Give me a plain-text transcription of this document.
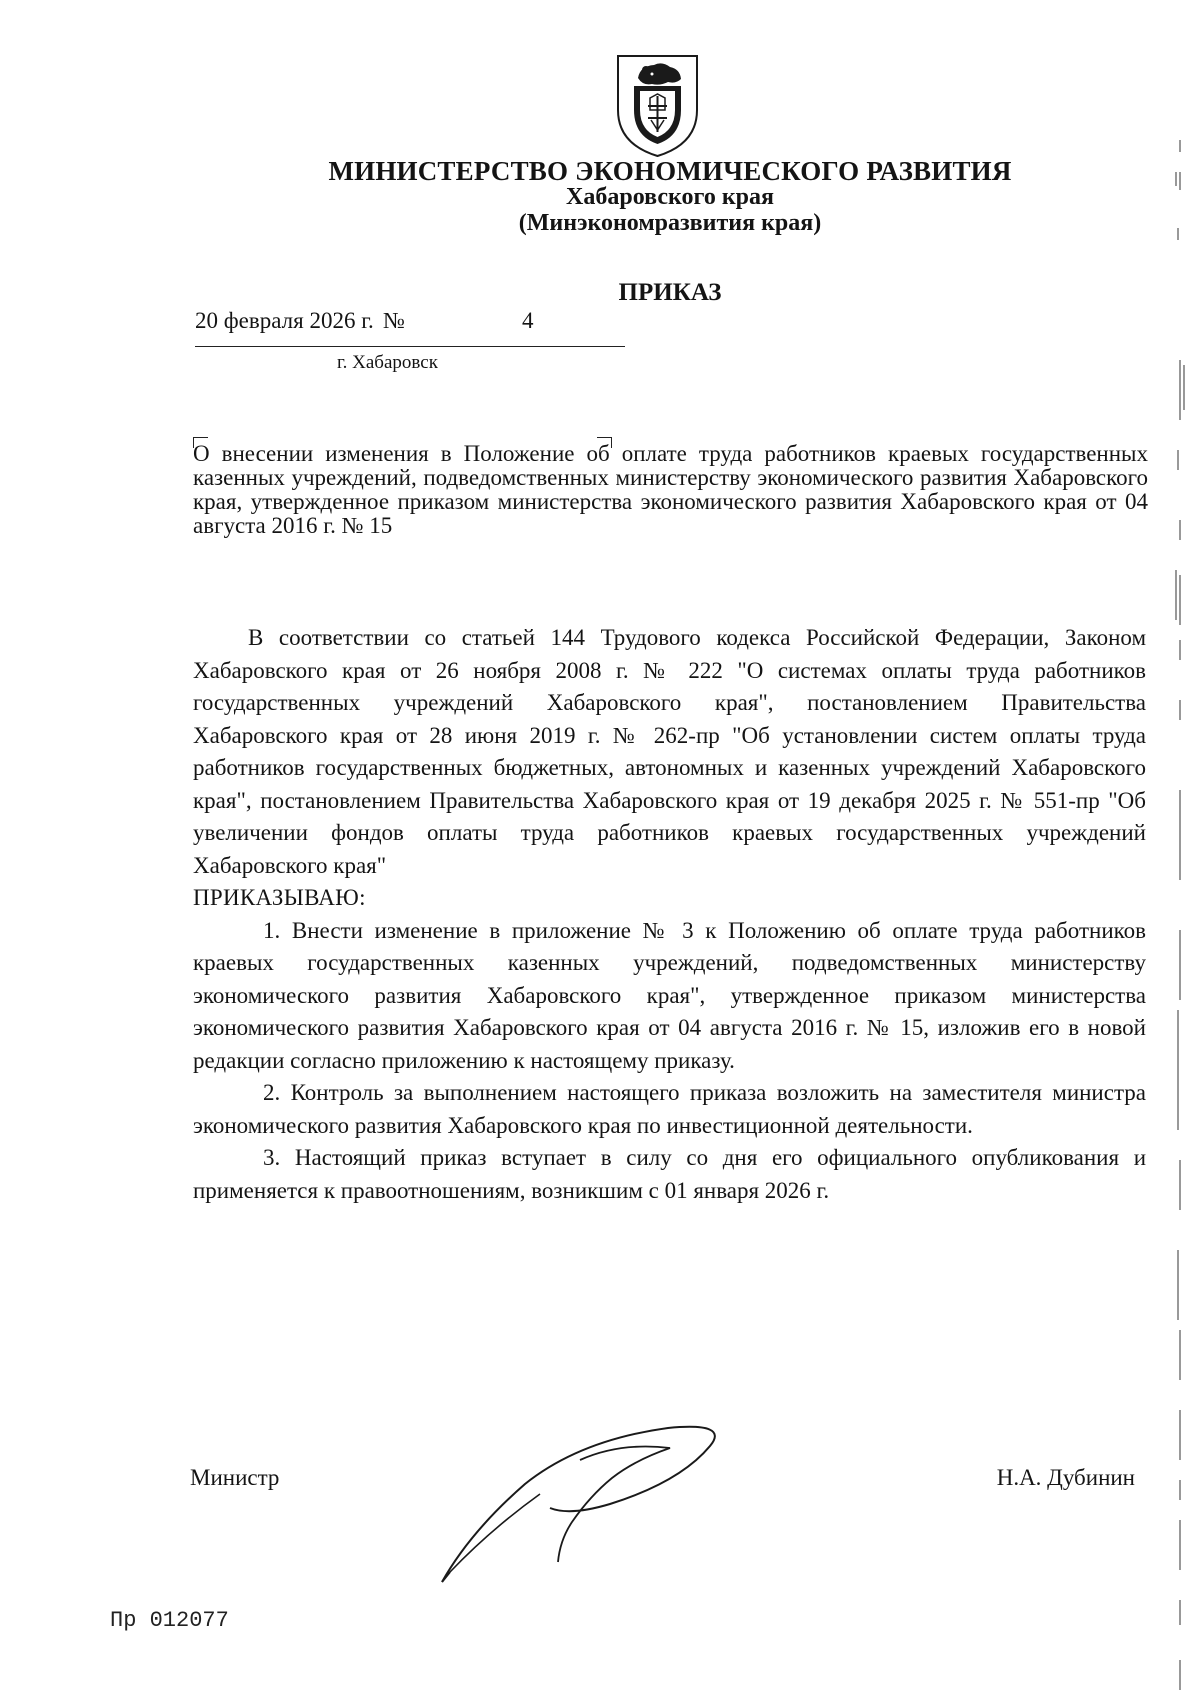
МИНИСТЕРСТВО ЭКОНОМИЧЕСКОГО РАЗВИТИЯ
Хабаровского края
(Минэкономразвития края)
ПРИКАЗ
20 февраля 2026 г. №	4
г. Хабаровск
О внесении изменения в Положение об оплате труда работников краевых государственных казенных учреждений, подведомственных министерству экономического развития Хабаровского края, утвержденное приказом министерства экономического развития Хабаровского края от 04 августа 2016 г. № 15

В соответствии со статьей 144 Трудового кодекса Российской Федерации, Законом Хабаровского края от 26 ноября 2008 г. № 222 "О системах оплаты труда работников государственных учреждений Хабаровского края", постановлением Правительства Хабаровского края от 28 июня 2019 г. № 262-пр "Об установлении систем оплаты труда работников государственных бюджетных, автономных и казенных учреждений Хабаровского края", постановлением Правительства Хабаровского края от 19 декабря 2025 г. № 551-пр "Об увеличении фондов оплаты труда работников краевых государственных учреждений Хабаровского края"

ПРИКАЗЫВАЮ:

1. Внести изменение в приложение № 3 к Положению об оплате труда работников краевых государственных казенных учреждений, подведомственных министерству экономического развития Хабаровского края", утвержденное приказом министерства экономического развития Хабаровского края от 04 августа 2016 г. № 15, изложив его в новой редакции согласно приложению к настоящему приказу.

2. Контроль за выполнением настоящего приказа возложить на заместителя министра экономического развития Хабаровского края по инвестиционной деятельности.

3. Настоящий приказ вступает в силу со дня его официального опубликования и применяется к правоотношениям, возникшим с 01 января 2026 г.

Министр	Н.А. Дубинин
Пр 012077
